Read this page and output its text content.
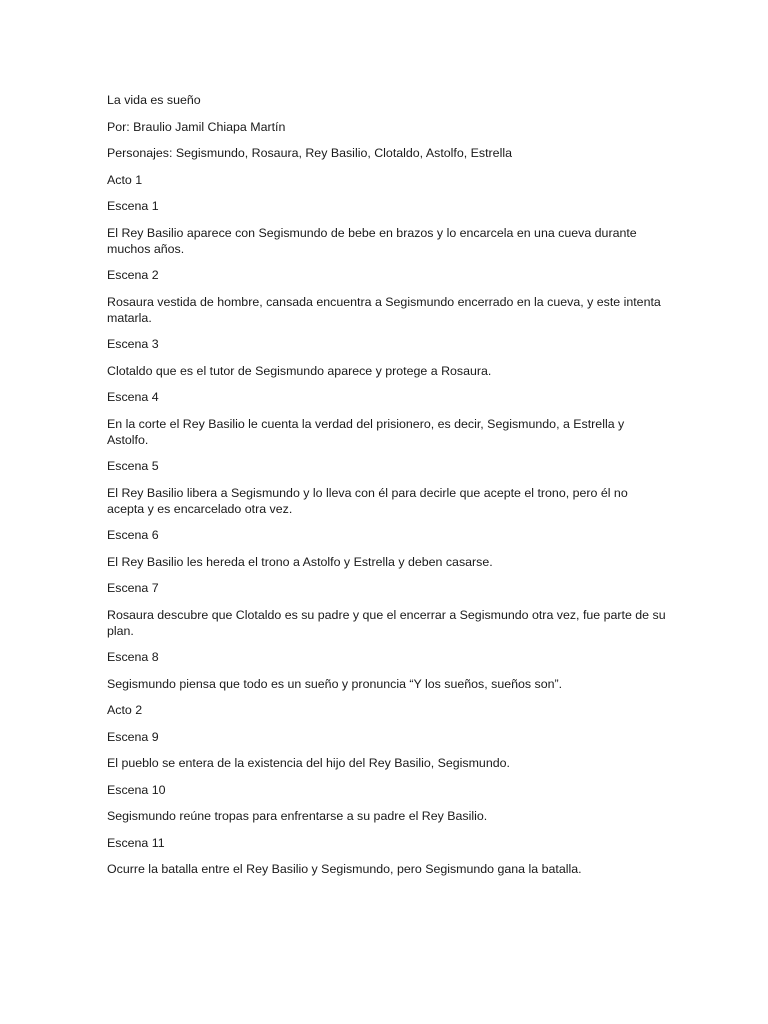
La vida es sueño

Por: Braulio Jamil Chiapa Martín

Personajes: Segismundo, Rosaura, Rey Basilio, Clotaldo, Astolfo, Estrella

Acto 1

Escena 1

El Rey Basilio aparece con Segismundo de bebe en brazos y lo encarcela en una cueva durante muchos años.

Escena 2

Rosaura vestida de hombre, cansada encuentra a Segismundo encerrado en la cueva, y este intenta matarla.

Escena 3

Clotaldo que es el tutor de Segismundo aparece y protege a Rosaura.

Escena 4

En la corte el Rey Basilio le cuenta la verdad del prisionero, es decir, Segismundo, a Estrella y Astolfo.

Escena 5

El Rey Basilio libera a Segismundo y lo lleva con él para decirle que acepte el trono, pero él no acepta y es encarcelado otra vez.

Escena 6

El Rey Basilio les hereda el trono a Astolfo y Estrella y deben casarse.

Escena 7

Rosaura descubre que Clotaldo es su padre y que el encerrar a Segismundo otra vez, fue parte de su plan.

Escena 8

Segismundo piensa que todo es un sueño y pronuncia “Y los sueños, sueños son”.

Acto 2

Escena 9

El pueblo se entera de la existencia del hijo del Rey Basilio, Segismundo.

Escena 10

Segismundo reúne tropas para enfrentarse a su padre el Rey Basilio.

Escena 11

Ocurre la batalla entre el Rey Basilio y Segismundo, pero Segismundo gana la batalla.
